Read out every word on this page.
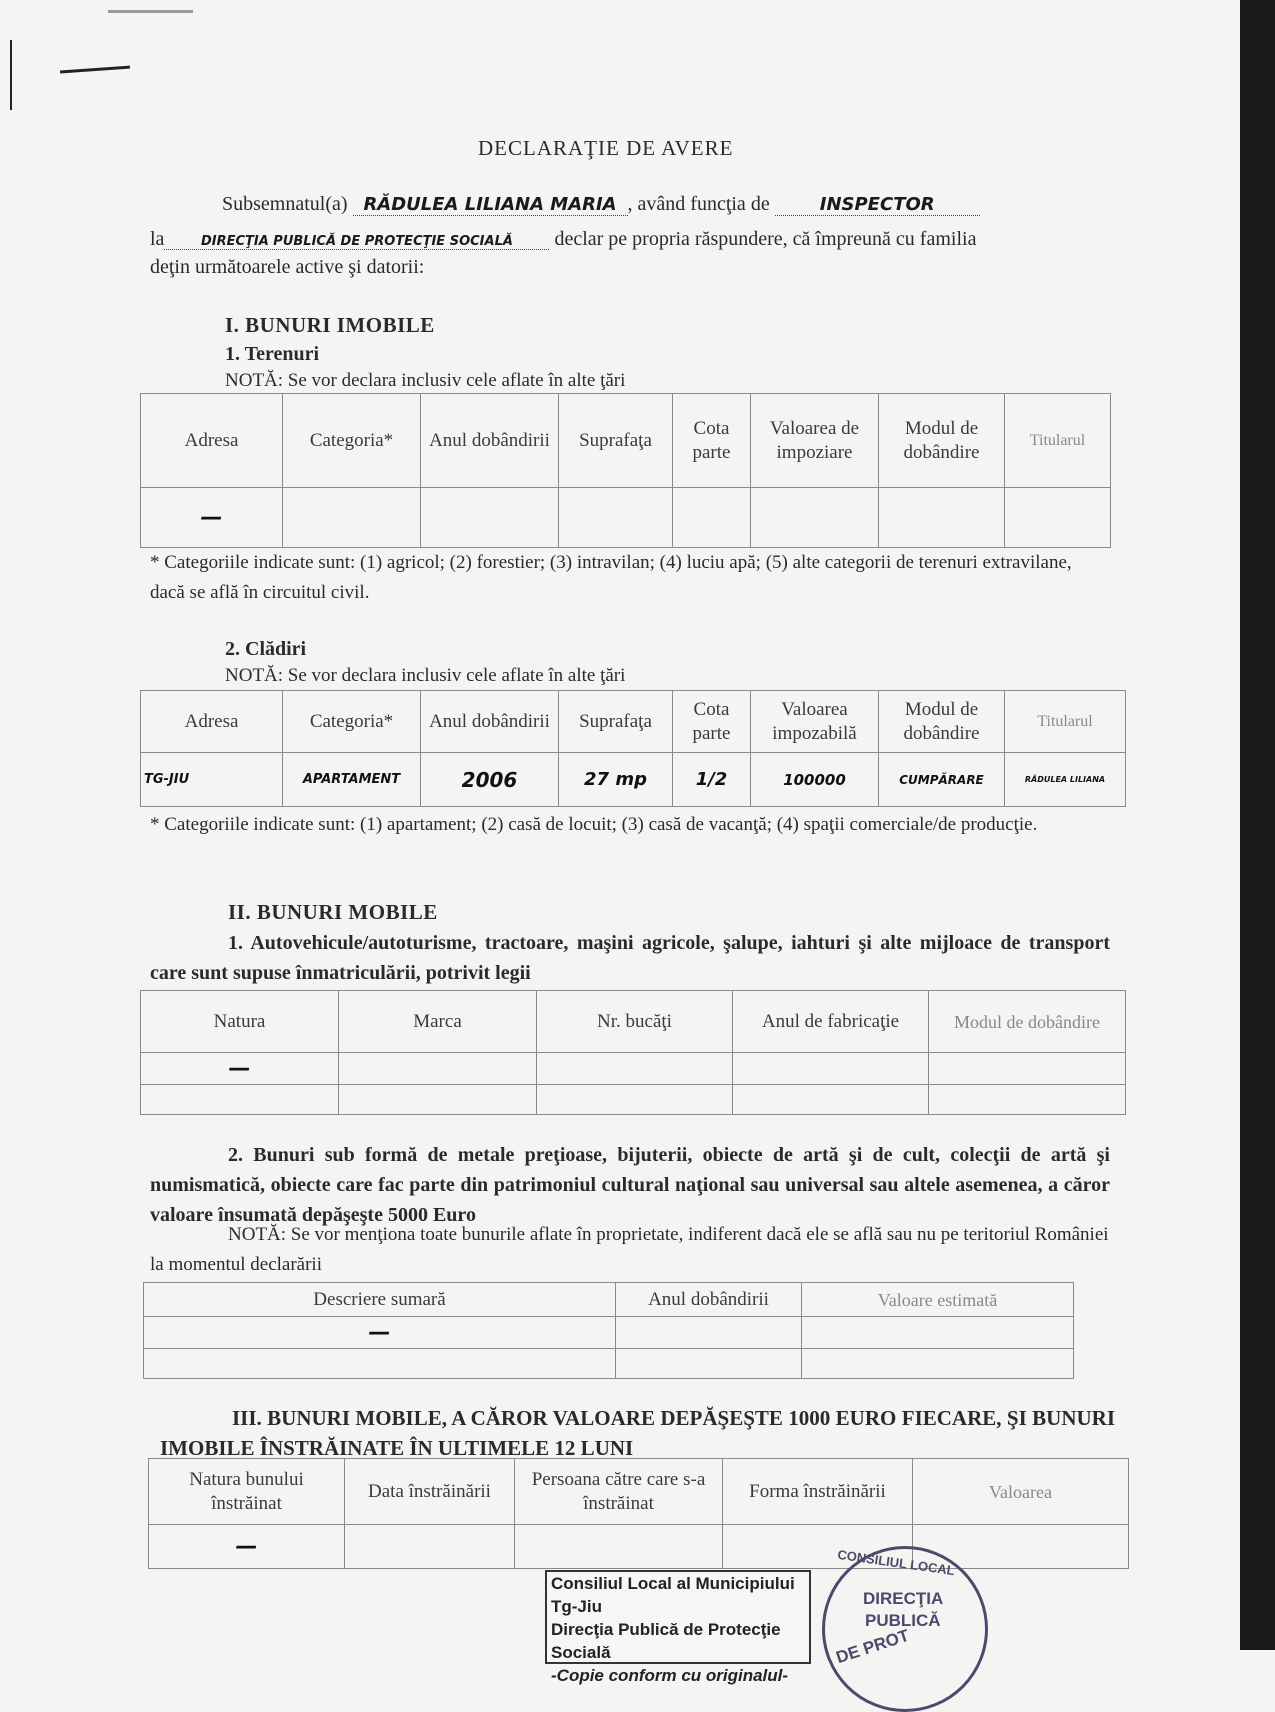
DECLARAŢIE DE AVERE
Subsemnatul(a) RĂDULEA LILIANA MARIA , având funcţia de	INSPECTOR
la	DIRECŢIA PUBLICĂ DE PROTECŢIE SOCIALĂ declar pe propria răspundere, că împreună cu familia
deţin următoarele active şi datorii:
I. BUNURI IMOBILE
1. Terenuri
NOTĂ: Se vor declara inclusiv cele aflate în alte ţări
Adresa	Categoria*	Anul dobândirii	Suprafaţa	Cota parte	Valoarea de impoziare	Modul de dobândire	Titularul
—							
* Categoriile indicate sunt: (1) agricol; (2) forestier; (3) intravilan; (4) luciu apă; (5) alte categorii de terenuri extravilane, dacă se află în circuitul civil.
2. Clădiri
NOTĂ: Se vor declara inclusiv cele aflate în alte ţări
Adresa	Categoria*	Anul dobândirii	Suprafaţa	Cota parte	Valoarea impozabilă	Modul de dobândire	Titularul
TG-JIU	APARTAMENT	2006	27 mp	1/2	100000	CUMPĂRARE	RĂDULEA LILIANA
* Categoriile indicate sunt: (1) apartament; (2) casă de locuit; (3) casă de vacanţă; (4) spaţii comerciale/de producţie.
II. BUNURI MOBILE
1. Autovehicule/autoturisme, tractoare, maşini agricole, şalupe, iahturi şi alte mijloace de transport care sunt supuse înmatriculării, potrivit legii
Natura	Marca	Nr. bucăţi	Anul de fabricaţie	Modul de dobândire
—				

2. Bunuri sub formă de metale preţioase, bijuterii, obiecte de artă şi de cult, colecţii de artă şi numismatică, obiecte care fac parte din patrimoniul cultural naţional sau universal sau altele asemenea, a căror valoare însumată depăşeşte 5000 Euro
NOTĂ: Se vor menţiona toate bunurile aflate în proprietate, indiferent dacă ele se află sau nu pe teritoriul României la momentul declarării
Descriere sumară	Anul dobândirii	Valoare estimată
—		

III. BUNURI MOBILE, A CĂROR VALOARE DEPĂŞEŞTE 1000 EURO FIECARE, ŞI BUNURI IMOBILE ÎNSTRĂINATE ÎN ULTIMELE 12 LUNI
Natura bunului înstrăinat	Data înstrăinării	Persoana către care s-a înstrăinat	Forma înstrăinării	Valoarea
—				
Consiliul Local al Municipiului Tg-Jiu
Direcţia Publică de Protecţie Socială
-Copie conform cu originalul-
CONSILIUL LOCAL
DIRECŢIA
PUBLICĂ
DE PROT
